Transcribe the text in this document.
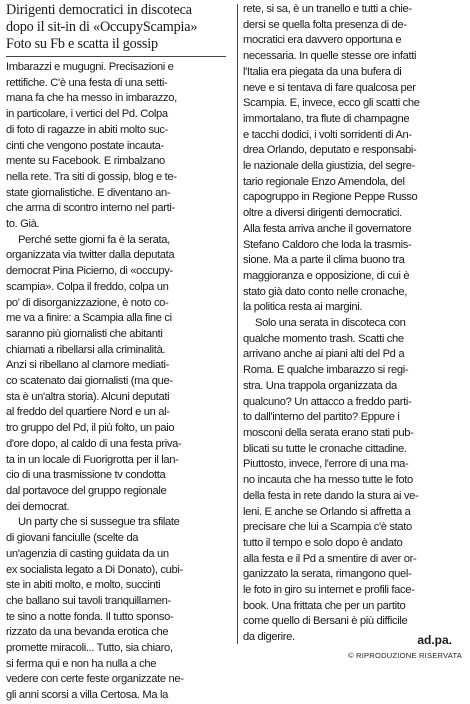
Dirigenti democratici in discoteca
dopo il sit-in di «OccupyScampia»
Foto su Fb e scatta il gossip
Imbarazzi e mugugni. Precisazioni e
rettifiche. C'è una festa di una setti-
mana fa che ha messo in imbarazzo,
in particolare, i vertici del Pd. Colpa
di foto di ragazze in abiti molto suc-
cinti che vengono postate incauta-
mente su Facebook. E rimbalzano
nella rete. Tra siti di gossip, blog e te-
state giornalistiche. E diventano an-
che arma di scontro interno nel parti-
to. Già.
Perché sette giorni fa è la serata,
organizzata via twitter dalla deputata
democrat Pina Picierno, di «occupy-
scampia». Colpa il freddo, colpa un
po' di disorganizzazione, è noto co-
me va a finire: a Scampia alla fine ci
saranno più giornalisti che abitanti
chiamati a ribellarsi alla criminalità.
Anzi si ribellano al clamore mediati-
co scatenato dai giornalisti (ma que-
sta è un'altra storia). Alcuni deputati
al freddo del quartiere Nord e un al-
tro gruppo del Pd, il più folto, un paio
d'ore dopo, al caldo di una festa priva-
ta in un locale di Fuorigrotta per il lan-
cio di una trasmissione tv condotta
dal portavoce del gruppo regionale
dei democrat.
Un party che si sussegue tra sfilate
di giovani fanciulle (scelte da
un'agenzia di casting guidata da un
ex socialista legato a Di Donato), cubi-
ste in abiti molto, e molto, succinti
che ballano sui tavoli tranquillamen-
te sino a notte fonda. Il tutto sponso-
rizzato da una bevanda erotica che
promette miracoli... Tutto, sia chiaro,
si ferma qui e non ha nulla a che
vedere con certe feste organizzate ne-
gli anni scorsi a villa Certosa. Ma la
rete, si sa, è un tranello e tutti a chie-
dersi se quella folta presenza di de-
mocratici era davvero opportuna e
necessaria. In quelle stesse ore infatti
l'Italia era piegata da una bufera di
neve e si tentava di fare qualcosa per
Scampia. E, invece, ecco gli scatti che
immortalano, tra flute di champagne
e tacchi dodici, i volti sorridenti di An-
drea Orlando, deputato e responsabi-
le nazionale della giustizia, del segre-
tario regionale Enzo Amendola, del
capogruppo in Regione Peppe Russo
oltre a diversi dirigenti democratici.
Alla festa arriva anche il governatore
Stefano Caldoro che loda la trasmis-
sione. Ma a parte il clima buono tra
maggioranza e opposizione, di cui è
stato già dato conto nelle cronache,
la politica resta ai margini.
Solo una serata in discoteca con
qualche momento trash. Scatti che
arrivano anche ai piani alti del Pd a
Roma. E qualche imbarazzo si regi-
stra. Una trappola organizzata da
qualcuno? Un attacco a freddo parti-
to dall'interno del partito? Eppure i
mosconi della serata erano stati pub-
blicati su tutte le cronache cittadine.
Piuttosto, invece, l'errore di una ma-
no incauta che ha messo tutte le foto
della festa in rete dando la stura ai ve-
leni. E anche se Orlando si affretta a
precisare che lui a Scampia c'è stato
tutto il tempo e solo dopo è andato
alla festa e il Pd a smentire di aver or-
ganizzato la serata, rimangono quel-
le foto in giro su internet e profili face-
book. Una frittata che per un partito
come quello di Bersani è più difficile
da digerire.	ad.pa.
© RIPRODUZIONE RISERVATA
